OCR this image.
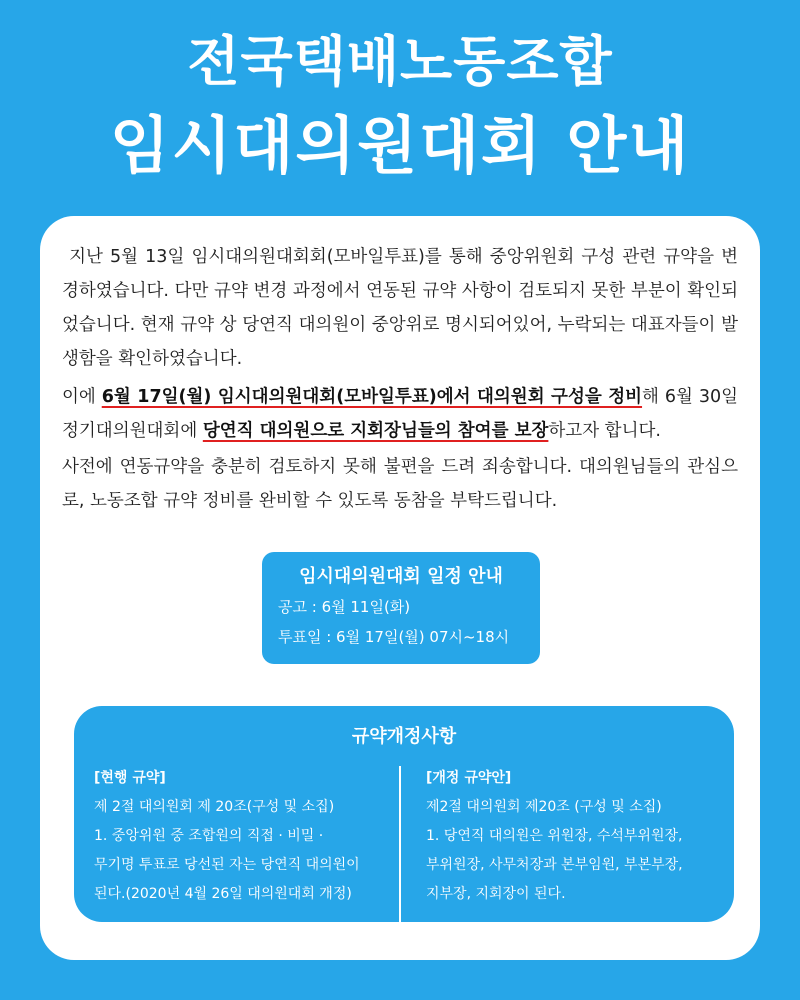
전국택배노동조합
임시대의원대회 안내

지난 5월 13일 임시대의원대회회(모바일투표)를 통해 중앙위원회 구성 관련 규약을 변경하였습니다. 다만 규약 변경 과정에서 연동된 규약 사항이 검토되지 못한 부분이 확인되었습니다. 현재 규약 상 당연직 대의원이 중앙위로 명시되어있어, 누락되는 대표자들이 발생함을 확인하였습니다.

이에 6월 17일(월) 임시대의원대회(모바일투표)에서 대의원회 구성을 정비해 6월 30일 정기대의원대회에 당연직 대의원으로 지회장님들의 참여를 보장하고자 합니다.

사전에 연동규약을 충분히 검토하지 못해 불편을 드려 죄송합니다. 대의원님들의 관심으로, 노동조합 규약 정비를 완비할 수 있도록 동참을 부탁드립니다.

임시대의원대회 일정 안내
공고 : 6월 11일(화)
투표일 : 6월 17일(월) 07시~18시
규약개정사항
[현행 규약]
제 2절 대의원회 제 20조(구성 및 소집)
1. 중앙위원 중 조합원의 직접 · 비밀 ·
무기명 투표로 당선된 자는 당연직 대의원이
된다.(2020년 4월 26일 대의원대회 개정)
[개정 규약안]
제2절 대의원회 제20조 (구성 및 소집)
1. 당연직 대의원은 위원장, 수석부위원장,
부위원장, 사무처장과 본부임원, 부본부장,
지부장, 지회장이 된다.
